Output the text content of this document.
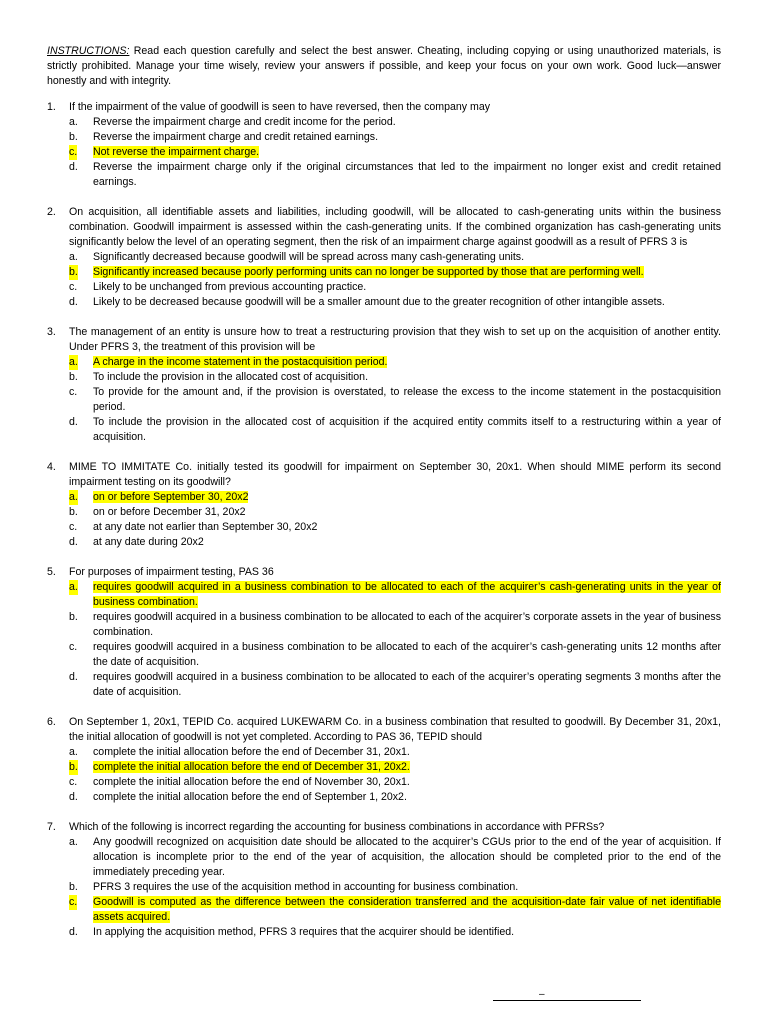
INSTRUCTIONS: Read each question carefully and select the best answer. Cheating, including copying or using unauthorized materials, is strictly prohibited. Manage your time wisely, review your answers if possible, and keep your focus on your own work. Good luck—answer honestly and with integrity.

1. If the impairment of the value of goodwill is seen to have reversed, then the company may
a. Reverse the impairment charge and credit income for the period.
b. Reverse the impairment charge and credit retained earnings.
c. Not reverse the impairment charge.
d. Reverse the impairment charge only if the original circumstances that led to the impairment no longer exist and credit retained earnings.
2. On acquisition, all identifiable assets and liabilities, including goodwill, will be allocated to cash-generating units within the business combination. Goodwill impairment is assessed within the cash-generating units. If the combined organization has cash-generating units significantly below the level of an operating segment, then the risk of an impairment charge against goodwill as a result of PFRS 3 is
a. Significantly decreased because goodwill will be spread across many cash-generating units.
b. Significantly increased because poorly performing units can no longer be supported by those that are performing well.
c. Likely to be unchanged from previous accounting practice.
d. Likely to be decreased because goodwill will be a smaller amount due to the greater recognition of other intangible assets.
3. The management of an entity is unsure how to treat a restructuring provision that they wish to set up on the acquisition of another entity. Under PFRS 3, the treatment of this provision will be
a. A charge in the income statement in the postacquisition period.
b. To include the provision in the allocated cost of acquisition.
c. To provide for the amount and, if the provision is overstated, to release the excess to the income statement in the postacquisition period.
d. To include the provision in the allocated cost of acquisition if the acquired entity commits itself to a restructuring within a year of acquisition.
4. MIME TO IMMITATE Co. initially tested its goodwill for impairment on September 30, 20x1. When should MIME perform its second impairment testing on its goodwill?
a. on or before September 30, 20x2
b. on or before December 31, 20x2
c. at any date not earlier than September 30, 20x2
d. at any date during 20x2
5. For purposes of impairment testing, PAS 36
a. requires goodwill acquired in a business combination to be allocated to each of the acquirer’s cash-generating units in the year of business combination.
b. requires goodwill acquired in a business combination to be allocated to each of the acquirer’s corporate assets in the year of business combination.
c. requires goodwill acquired in a business combination to be allocated to each of the acquirer’s cash-generating units 12 months after the date of acquisition.
d. requires goodwill acquired in a business combination to be allocated to each of the acquirer’s operating segments 3 months after the date of acquisition.
6. On September 1, 20x1, TEPID Co. acquired LUKEWARM Co. in a business combination that resulted to goodwill. By December 31, 20x1, the initial allocation of goodwill is not yet completed. According to PAS 36, TEPID should
a. complete the initial allocation before the end of December 31, 20x1.
b. complete the initial allocation before the end of December 31, 20x2.
c. complete the initial allocation before the end of November 30, 20x1.
d. complete the initial allocation before the end of September 1, 20x2.
7. Which of the following is incorrect regarding the accounting for business combinations in accordance with PFRSs?
a. Any goodwill recognized on acquisition date should be allocated to the acquirer’s CGUs prior to the end of the year of acquisition. If allocation is incomplete prior to the end of the year of acquisition, the allocation should be completed prior to the end of the immediately preceding year.
b. PFRS 3 requires the use of the acquisition method in accounting for business combination.
c. Goodwill is computed as the difference between the consideration transferred and the acquisition-date fair value of net identifiable assets acquired.
d. In applying the acquisition method, PFRS 3 requires that the acquirer should be identified.
–
